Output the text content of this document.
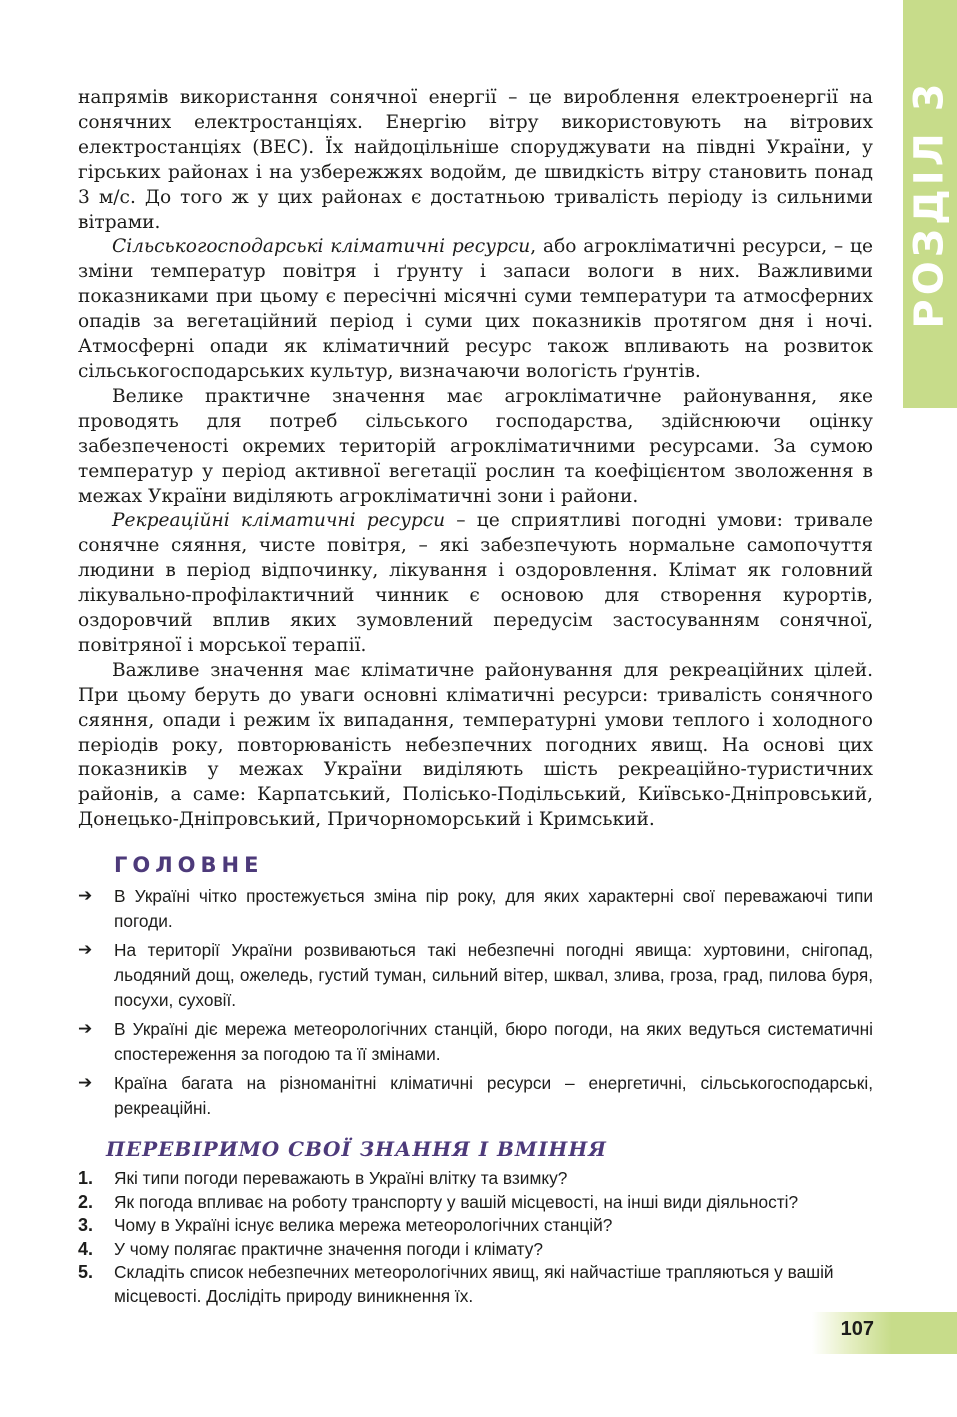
РОЗДІЛ 3

напрямів використання сонячної енергії – це вироблення електроенергії на сонячних електростанціях. Енергію вітру використовують на вітрових електростанціях (ВЕС). Їх найдоцільніше споруджувати на півдні України, у гірських районах і на узбережжях водойм, де швидкість вітру становить понад 3 м/с. До того ж у цих районах є достатньою тривалість періоду із сильними вітрами.

Сільськогосподарські кліматичні ресурси, або агрокліматичні ресурси, – це зміни температур повітря і ґрунту і запаси вологи в них. Важливими показниками при цьому є пересічні місячні суми температури та атмосферних опадів за вегетаційний період і суми цих показників протягом дня і ночі. Атмосферні опади як кліматичний ресурс також впливають на розвиток сільськогосподарських культур, визначаючи вологість ґрунтів.

Велике практичне значення має агрокліматичне районування, яке проводять для потреб сільського господарства, здійснюючи оцінку забезпеченості окремих територій агрокліматичними ресурсами. За сумою температур у період активної вегетації рослин та коефіцієнтом зволоження в межах України виділяють агрокліматичні зони і райони.

Рекреаційні кліматичні ресурси – це сприятливі погодні умови: тривале сонячне сяяння, чисте повітря, – які забезпечують нормальне самопочуття людини в період відпочинку, лікування і оздоровлення. Клімат як головний лікувально-профілактичний чинник є основою для створення курортів, оздоровчий вплив яких зумовлений передусім застосуванням сонячної, повітряної і морської терапії.

Важливе значення має кліматичне районування для рекреаційних цілей. При цьому беруть до уваги основні кліматичні ресурси: тривалість сонячного сяяння, опади і режим їх випадання, температурні умови теплого і холодного періодів року, повторюваність небезпечних погодних явищ. На основі цих показників у межах України виділяють шість рекреаційно-туристичних районів, а саме: Карпатський, Полісько-Подільський, Київсько-Дніпровський, Донецько-Дніпровський, Причорноморський і Кримський.

ГОЛОВНЕ
➔ В Україні чітко простежується зміна пір року, для яких характерні свої переважаючі типи погоди.
➔ На території України розвиваються такі небезпечні погодні явища: хуртовини, снігопад, льодяний дощ, ожеледь, густий туман, сильний вітер, шквал, злива, гроза, град, пилова буря, посухи, суховії.
➔ В Україні діє мережа метеорологічних станцій, бюро погоди, на яких ведуться систематичні спостереження за погодою та її змінами.
➔ Країна багата на різноманітні кліматичні ресурси – енергетичні, сільськогосподарські, рекреаційні.
ПЕРЕВІРИМО СВОЇ ЗНАННЯ І ВМІННЯ
1. Які типи погоди переважають в Україні влітку та взимку?
2. Як погода впливає на роботу транспорту у вашій місцевості, на інші види діяльності?
3. Чому в Україні існує велика мережа метеорологічних станцій?
4. У чому полягає практичне значення погоди і клімату?
5. Складіть список небезпечних метеорологічних явищ, які найчастіше трапляються у вашій місцевості. Дослідіть природу виникнення їх.
107
